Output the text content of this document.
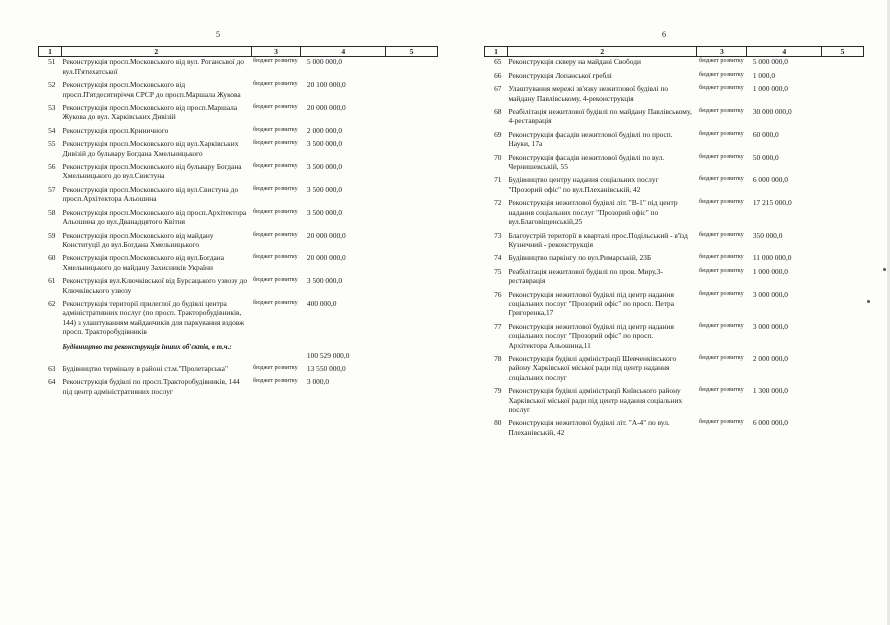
5
1	2	3	4	5
51	Реконструкція просп.Московського від вул. Рогансьвої до вул.П'ятихатської	бюджет розвитку	5 000 000,0	

52	Реконструкція просп.Московського від просп.П'ятдесятиріччя СРСР до просп.Маршала Жукова	бюджет розвитку	20 100 000,0	

53	Реконструкція просп.Московського від просп.Маршала Жукова до вул. Харківських Дивізій	бюджет розвитку	20 000 000,0	

54	Реконструкція просп.Криничного	бюджет розвитку	2 000 000,0	

55	Реконструкція просп.Московського від вул.Харківських Дивізій до бульвару Богдана Хмельницького	бюджет розвитку	3 500 000,0	

56	Реконструкція просп.Московського від бульвару Богдана Хмельницького до вул.Свистуна	бюджет розвитку	3 500 000,0	

57	Реконструкція просп.Московського від вул.Свистуна до просп.Архітектора Альошина	бюджет розвитку	3 500 000,0	

58	Реконструкція просп.Московського від просп.Архітектора Альошина до вул.Дванадцятого Квітня	бюджет розвитку	3 500 000,0	

59	Реконструкція просп.Московського від майдану Конституції до вул.Богдана Хмельницького	бюджет розвитку	20 000 000,0	

60	Реконструкція просп.Московського від вул.Богдана Хмельницького до майдану Захисників України	бюджет розвитку	20 000 000,0	

61	Реконструкція вул.Ключківської від Бурсацького узвозу до Ключківського узвозу	бюджет розвитку	3 500 000,0	

62	Реконструкція території прилеглої до будівлі центра адміністративних послуг (по просп. Тракторобудівників, 144) з улаштуванням майданчиків для паркування вздовж просп. Тракторобудівників	бюджет розвитку	400 000,0	
	Будівництво та реконструкція інших об'єктів, в т.ч.:		100 529 000,0	

63	Будівництво терміналу в районі ст.м."Пролетарська"	бюджет розвитку	13 550 000,0	

64	Реконструкція будівлі по просп.Тракторобудівників, 144 під центр адміністративних послуг	бюджет розвитку	3 000,0	
6
1	2	3	4	5
65	Реконструкція скверу на майдані Свободи	бюджет розвитку	5 000 000,0	

66	Реконструкція Лопанської греблі	бюджет розвитку	1 000,0	

67	Улаштування мережі зв'язку нежитлової будівлі по майдану Павлівському, 4-реконструкція	бюджет розвитку	1 000 000,0	

68	Реабілітація нежитлової будівлі по майдану Павлівському, 4-реставрація	бюджет розвитку	30 000 000,0	

69	Реконструкція фасадів нежитлової будівлі по просп. Науки, 17а	бюджет розвитку	60 000,0	

70	Реконструкція фасадів нежитлової будівлі по вул. Чернишевській, 55	бюджет розвитку	50 000,0	

71	Будівництво центру надання соціальних послуг "Прозорий офіс" по вул.Плеханівській, 42	бюджет розвитку	6 000 000,0	

72	Реконструкція нежитлової будівлі літ. "В-1" під центр надання соціальних послуг "Прозорий офіс" по вул.Благовіщенській,25	бюджет розвитку	17 215 000,0	

73	Благоустрій території в кварталі прос.Подільський - в'їзд Кузнечний - реконструкція	бюджет розвитку	350 000,0	

74	Будівництво паркінгу по вул.Римарській, 23Б	бюджет розвитку	11 000 000,0	

75	Реабілітація нежитлової будівлі по пров. Миру,3-реставрація	бюджет розвитку	1 000 000,0	

76	Реконструкція нежитлової будівлі під центр надання соціальних послуг "Прозорий офіс" по просп. Петра Григоренка,17	бюджет розвитку	3 000 000,0	

77	Реконструкція нежитлової будівлі під центр надання соціальних послуг "Прозорий офіс" по просп. Архітектора Альошина,11	бюджет розвитку	3 000 000,0	

78	Реконструкція будівлі адміністрації Шевченківського району Харківської міської ради під центр надання соціальних послуг	бюджет розвитку	2 000 000,0	

79	Реконструкція будівлі адміністрації Київського району Харківської міської ради під центр надання соціальних послуг	бюджет розвитку	1 300 000,0	

80	Реконструкція нежитлової будівлі літ. "А-4" по вул. Плеханівській, 42	бюджет розвитку	6 000 000,0	
